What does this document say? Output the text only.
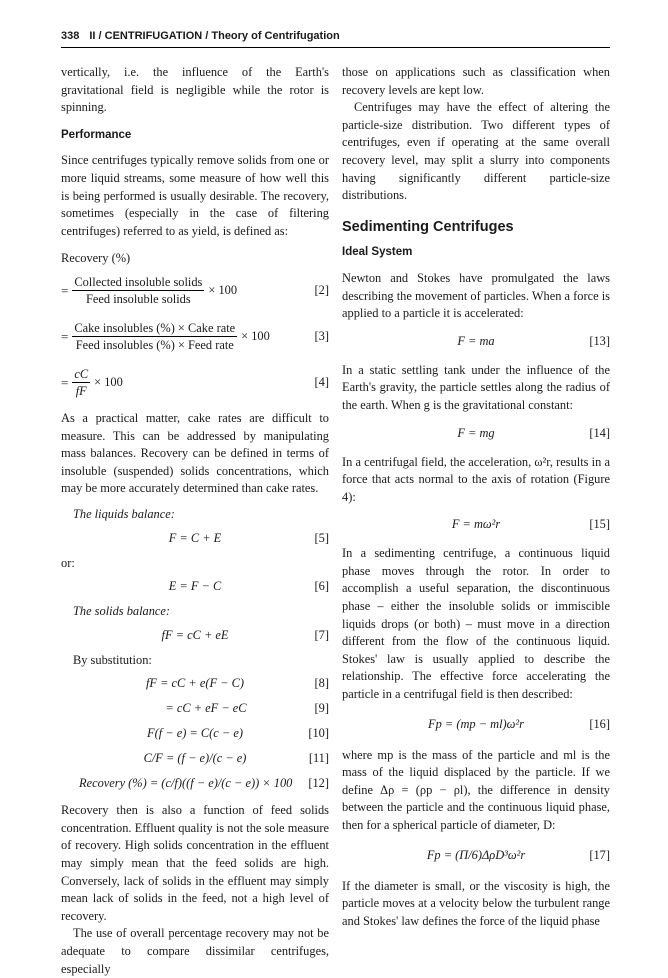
338 II / CENTRIFUGATION / Theory of Centrifugation

vertically, i.e. the influence of the Earth's gravitational field is negligible while the rotor is spinning.

Performance

Since centrifuges typically remove solids from one or more liquid streams, some measure of how well this is being performed is usually desirable. The recovery, sometimes (especially in the case of filtering centrifuges) referred to as yield, is defined as:

Recovery (%)

= $\frac{\text{Collected insoluble solids}}{\text{Feed insoluble solids}} \times 100$	[2]
= $\frac{\text{Cake insolubles (\%) × Cake rate}}{\text{Feed insolubles (\%) × Feed rate}} \times 100$	[3]
= $\frac{cC}{fF} \times 100$	[4]

As a practical matter, cake rates are difficult to measure. This can be addressed by manipulating mass balances. Recovery can be defined in terms of insoluble (suspended) solids concentrations, which may be more accurately determined than cake rates.

The liquids balance:

F = C + E	[5]

or:

E = F − C	[6]

The solids balance:

fF = cC + eE	[7]

By substitution:

fF = cC + e(F − C)	[8]
= cC + eF − eC	[9]
F(f − e) = C(c − e)	[10]
C/F = (f − e)/(c − e)	[11]
Recovery (%) = (c/f)((f − e)/(c − e)) × 100 [12]

Recovery then is also a function of feed solids concentration. Effluent quality is not the sole measure of recovery. High solids concentration in the effluent may simply mean that the feed solids are high. Conversely, lack of solids in the effluent may simply mean lack of solids in the feed, not a high level of recovery.

The use of overall percentage recovery may not be adequate to compare dissimilar centrifuges, especially

those on applications such as classification when recovery levels are kept low.

Centrifuges may have the effect of altering the particle-size distribution. Two different types of centrifuges, even if operating at the same overall recovery level, may split a slurry into components having significantly different particle-size distributions.

Sedimenting Centrifuges
Ideal System

Newton and Stokes have promulgated the laws describing the movement of particles. When a force is applied to a particle it is accelerated:

F = ma	[13]

In a static settling tank under the influence of the Earth's gravity, the particle settles along the radius of the earth. When g is the gravitational constant:

F = mg	[14]

In a centrifugal field, the acceleration, ω²r, results in a force that acts normal to the axis of rotation (Figure 4):

F = mω²r	[15]

In a sedimenting centrifuge, a continuous liquid phase moves through the rotor. In order to accomplish a useful separation, the discontinuous phase – either the insoluble solids or immiscible liquids drops (or both) – must move in a direction different from the flow of the continuous liquid. Stokes' law is usually applied to describe the relationship. The effective force accelerating the particle in a centrifugal field is then described:

Fp = (mp − ml)ω²r	[16]

where mp is the mass of the particle and ml is the mass of the liquid displaced by the particle. If we define Δρ = (ρp − ρl), the difference in density between the particle and the continuous liquid phase, then for a spherical particle of diameter, D:

Fp = (Π/6)ΔρD³ω²r	[17]

If the diameter is small, or the viscosity is high, the particle moves at a velocity below the turbulent range and Stokes' law defines the force of the liquid phase
